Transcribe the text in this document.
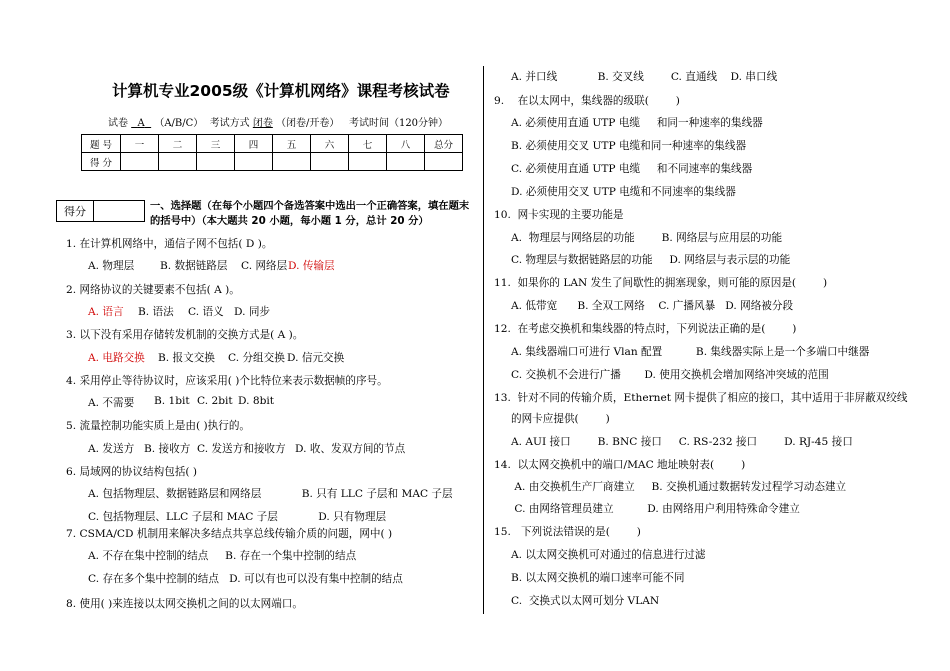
计算机专业2005级《计算机网络》课程考核试卷
试卷 A （A/B/C） 考试方式 闭卷 （闭卷/开卷） 考试时间（120分钟）
题 号	一	二	三	四	五	六	七	八	总分
得 分									
得分		一、选择题（在每个小题四个备选答案中选出一个正确答案，填在题末的括号中）（本大题共 20 小题，每小题 1 分，总计 20 分）
1. 在计算机网络中，通信子网不包括( D )。
A. 物理层 B. 数据链路层 C. 网络层 D. 传输层
2. 网络协议的关键要素不包括( A )。
A. 语言 B. 语法 C. 语义 D. 同步
3. 以下没有采用存储转发机制的交换方式是( A )。
A. 电路交换 B. 报文交换 C. 分组交换 D. 信元交换
4. 采用停止等待协议时，应该采用( )个比特位来表示数据帧的序号。
A. 不需要 B. 1bit C. 2bit D. 8bit
5. 流量控制功能实质上是由( )执行的。
A. 发送方 B. 接收方 C. 发送方和接收方 D. 收、发双方间的节点
6. 局域网的协议结构包括( )
A. 包括物理层、数据链路层和网络层            B. 只有 LLC 子层和 MAC 子层
C. 包括物理层、LLC 子层和 MAC 子层            D. 只有物理层
7. CSMA/CD 机制用来解决多结点共享总线传输介质的问题，网中( )
A. 不存在集中控制的结点     B. 存在一个集中控制的结点
C. 存在多个集中控制的结点   D. 可以有也可以没有集中控制的结点
8. 使用( )来连接以太网交换机之间的以太网端口。
A. 并口线            B. 交叉线        C. 直通线    D. 串口线
9.    在以太网中，集线器的级联(        )
A. 必须使用直通 UTP 电缆     和同一种速率的集线器
B. 必须使用交叉 UTP 电缆和同一种速率的集线器
C. 必须使用直通 UTP 电缆     和不同速率的集线器
D. 必须使用交叉 UTP 电缆和不同速率的集线器
10.  网卡实现的主要功能是
A.  物理层与网络层的功能        B. 网络层与应用层的功能
C. 物理层与数据链路层的功能     D. 网络层与表示层的功能
11.  如果你的 LAN 发生了间歇性的拥塞现象，则可能的原因是(        )
A. 低带宽      B. 全双工网络    C. 广播风暴   D. 网络被分段
12.  在考虑交换机和集线器的特点时，下列说法正确的是(        )
A. 集线器端口可进行 Vlan 配置          B. 集线器实际上是一个多端口中继器
C. 交换机不会进行广播       D. 使用交换机会增加网络冲突域的范围
13.  针对不同的传输介质，Ethernet 网卡提供了相应的接口，其中适用于非屏蔽双绞线
的网卡应提供(        )
A. AUI 接口        B. BNC 接口     C. RS-232 接口        D. RJ-45 接口
14.  以太网交换机中的端口/MAC 地址映射表(        )
A. 由交换机生产厂商建立     B. 交换机通过数据转发过程学习动态建立
C. 由网络管理员建立          D. 由网络用户利用特殊命令建立
15.   下列说法错误的是(        )
A. 以太网交换机可对通过的信息进行过滤
B. 以太网交换机的端口速率可能不同
C.  交换式以太网可划分 VLAN
